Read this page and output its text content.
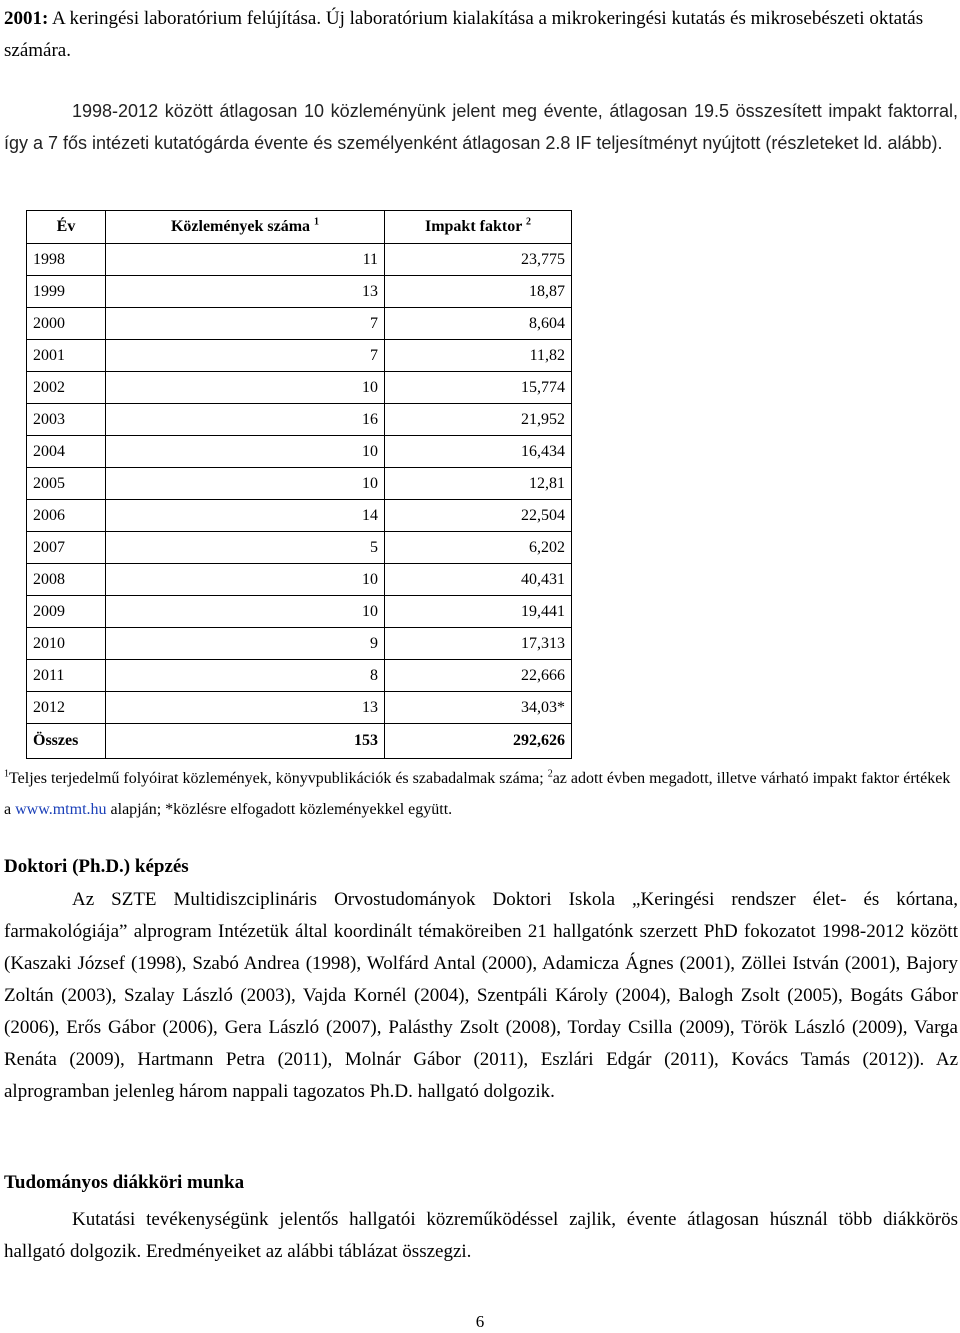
2001: A keringési laboratórium felújítása. Új laboratórium kialakítása a mikrokeringési kutatás és mikrosebészeti oktatás számára.

1998-2012 között átlagosan 10 közleményünk jelent meg évente, átlagosan 19.5 összesített impakt faktorral, így a 7 fős intézeti kutatógárda évente és személyenként átlagosan 2.8 IF teljesítményt nyújtott (részleteket ld. alább).

Év	Közlemények száma $^1$	Impakt faktor $^2$
1998	11	23,775
1999	13	18,87
2000	7	8,604
2001	7	11,82
2002	10	15,774
2003	16	21,952
2004	10	16,434
2005	10	12,81
2006	14	22,504
2007	5	6,202
2008	10	40,431
2009	10	19,441
2010	9	17,313
2011	8	22,666
2012	13	34,03*
Összes	153	292,626

$^1$Teljes terjedelmű folyóirat közlemények, könyvpublikációk és szabadalmak száma; $^2$az adott évben megadott, illetve várható impakt faktor értékek a www.mtmt.hu alapján; *közlésre elfogadott közleményekkel együtt.

Doktori (Ph.D.) képzés

Az SZTE Multidiszciplináris Orvostudományok Doktori Iskola „Keringési rendszer élet- és kórtana, farmakológiája” alprogram Intézetük által koordinált témaköreiben 21 hallgatónk szerzett PhD fokozatot 1998-2012 között (Kaszaki József (1998), Szabó Andrea (1998), Wolfárd Antal (2000), Adamicza Ágnes (2001), Zöllei István (2001), Bajory Zoltán (2003), Szalay László (2003), Vajda Kornél (2004), Szentpáli Károly (2004), Balogh Zsolt (2005), Bogáts Gábor (2006), Erős Gábor (2006), Gera László (2007), Palásthy Zsolt (2008), Torday Csilla (2009), Török László (2009), Varga Renáta (2009), Hartmann Petra (2011), Molnár Gábor (2011), Eszlári Edgár (2011), Kovács Tamás (2012)). Az alprogramban jelenleg három nappali tagozatos Ph.D. hallgató dolgozik.

Tudományos diákköri munka

Kutatási tevékenységünk jelentős hallgatói közreműködéssel zajlik, évente átlagosan húsznál több diákkörös hallgató dolgozik. Eredményeiket az alábbi táblázat összegzi.

6
